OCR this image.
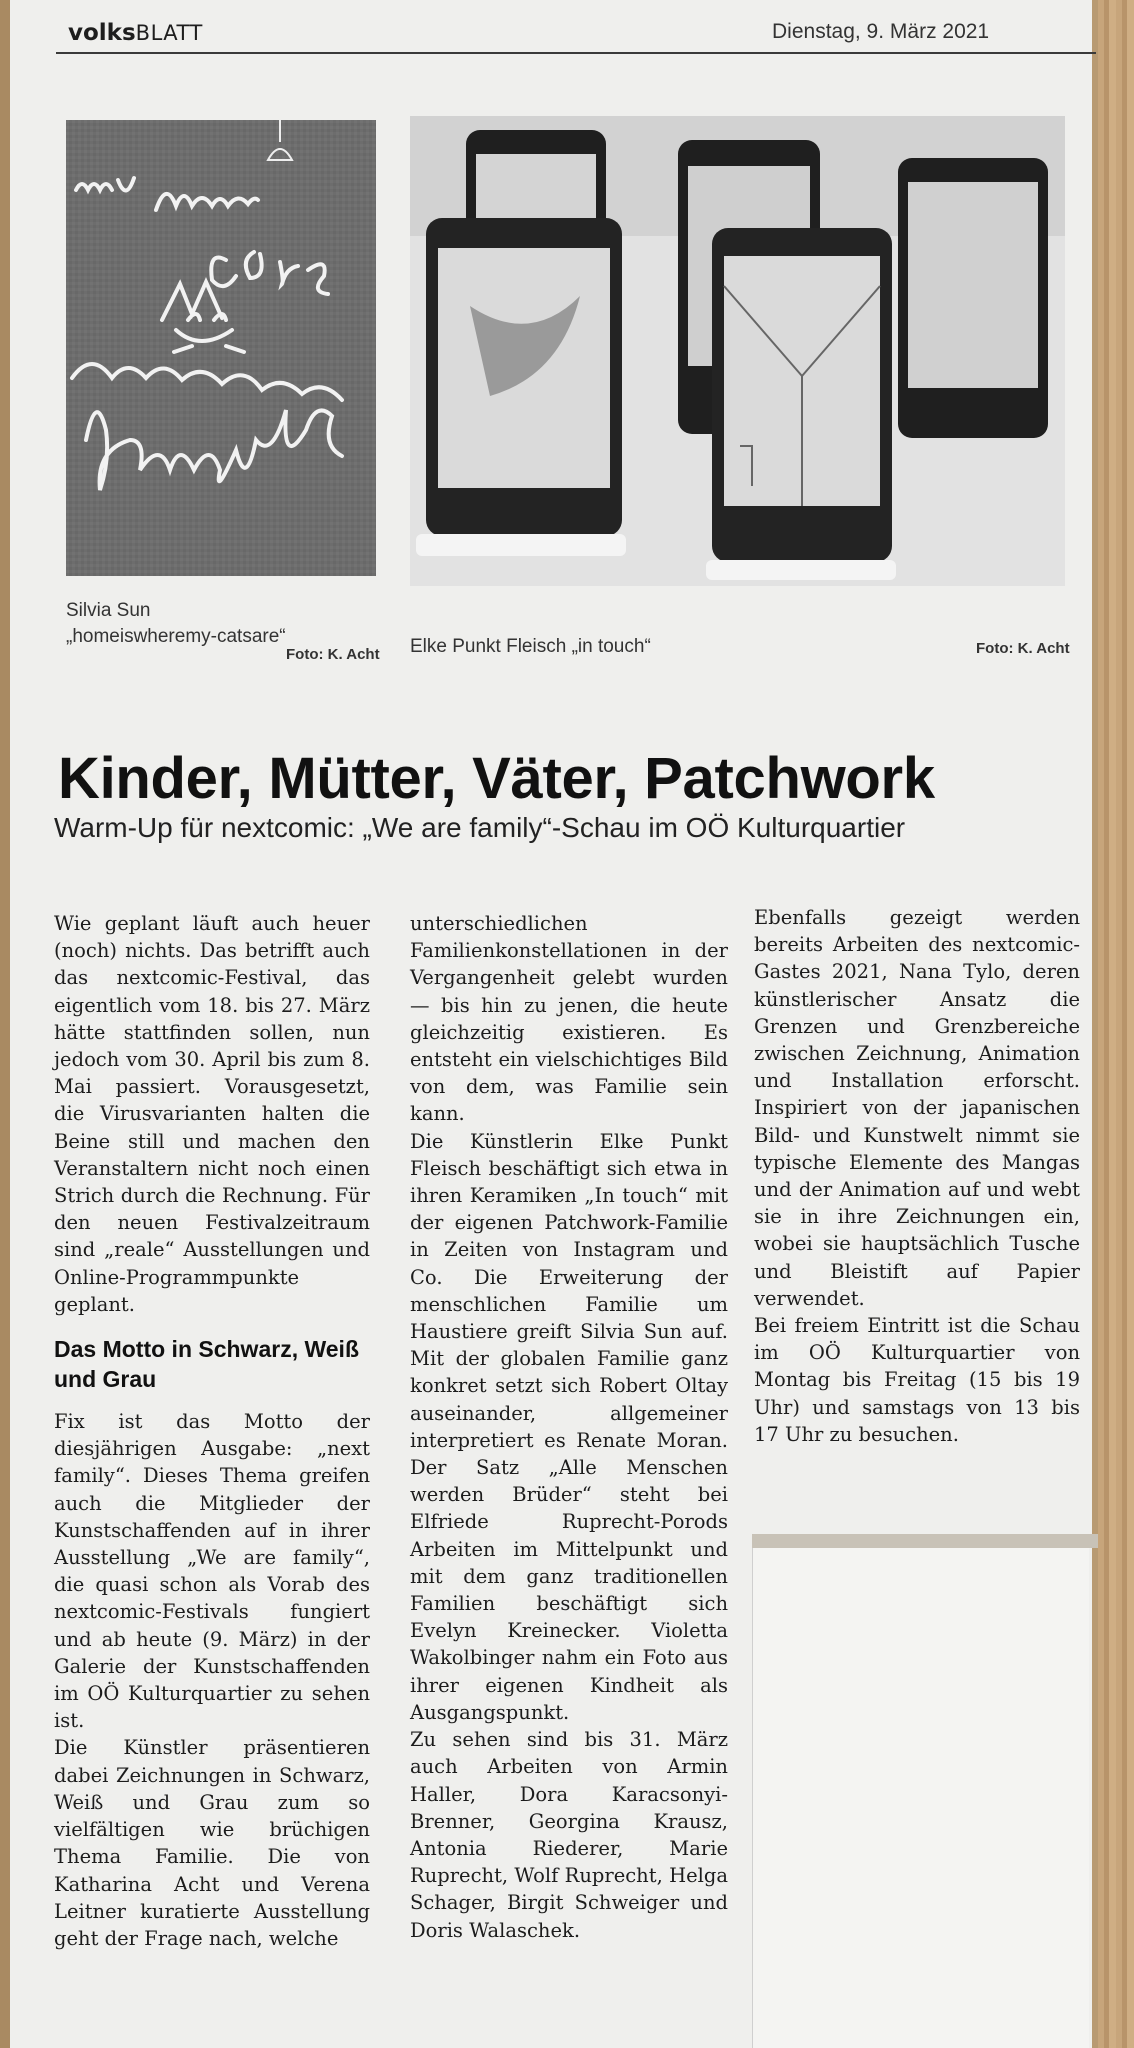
volksBLATT	Dienstag, 9. März 2021
Silvia Sun „homeiswheremy-catsare“
Foto: K. Acht Elke Punkt Fleisch „in touch“	Foto: K. Acht
Kinder, Mütter, Väter, Patchwork
Warm-Up für nextcomic: „We are family“-Schau im OÖ Kulturquartier

Wie geplant läuft auch heuer (noch) nichts. Das betrifft auch das nextcomic-Festival, das eigentlich vom 18. bis 27. März hätte stattfinden sollen, nun jedoch vom 30. April bis zum 8. Mai passiert. Vorausgesetzt, die Virusvarianten halten die Beine still und machen den Veranstaltern nicht noch einen Strich durch die Rechnung. Für den neuen Festivalzeitraum sind „reale“ Ausstellungen und Online-Programmpunkte geplant.

Das Motto in Schwarz, Weiß und Grau

Fix ist das Motto der diesjährigen Ausgabe: „next family“. Dieses Thema greifen auch die Mitglieder der Kunstschaffenden auf in ihrer Ausstellung „We are family“, die quasi schon als Vorab des nextcomic-Festivals fungiert und ab heute (9. März) in der Galerie der Kunstschaffenden im OÖ Kulturquartier zu sehen ist.

Die Künstler präsentieren dabei Zeichnungen in Schwarz, Weiß und Grau zum so vielfältigen wie brüchigen Thema Familie. Die von Katharina Acht und Verena Leitner kuratierte Ausstellung geht der Frage nach, welche

unterschiedlichen Familienkonstellationen in der Vergangenheit gelebt wurden — bis hin zu jenen, die heute gleichzeitig existieren. Es entsteht ein vielschichtiges Bild von dem, was Familie sein kann.

Die Künstlerin Elke Punkt Fleisch beschäftigt sich etwa in ihren Keramiken „In touch“ mit der eigenen Patchwork-Familie in Zeiten von Instagram und Co. Die Erweiterung der menschlichen Familie um Haustiere greift Silvia Sun auf. Mit der globalen Familie ganz konkret setzt sich Robert Oltay auseinander, allgemeiner interpretiert es Renate Moran. Der Satz „Alle Menschen werden Brüder“ steht bei Elfriede Ruprecht-Porods Arbeiten im Mittelpunkt und mit dem ganz traditionellen Familien beschäftigt sich Evelyn Kreinecker. Violetta Wakolbinger nahm ein Foto aus ihrer eigenen Kindheit als Ausgangspunkt.

Zu sehen sind bis 31. März auch Arbeiten von Armin Haller, Dora Karacsonyi-Brenner, Georgina Krausz, Antonia Riederer, Marie Ruprecht, Wolf Ruprecht, Helga Schager, Birgit Schweiger und Doris Walaschek.

Ebenfalls gezeigt werden bereits Arbeiten des nextcomic-Gastes 2021, Nana Tylo, deren künstlerischer Ansatz die Grenzen und Grenzbereiche zwischen Zeichnung, Animation und Installation erforscht. Inspiriert von der japanischen Bild- und Kunstwelt nimmt sie typische Elemente des Mangas und der Animation auf und webt sie in ihre Zeichnungen ein, wobei sie hauptsächlich Tusche und Bleistift auf Papier verwendet.

Bei freiem Eintritt ist die Schau im OÖ Kulturquartier von Montag bis Freitag (15 bis 19 Uhr) und samstags von 13 bis 17 Uhr zu besuchen.
